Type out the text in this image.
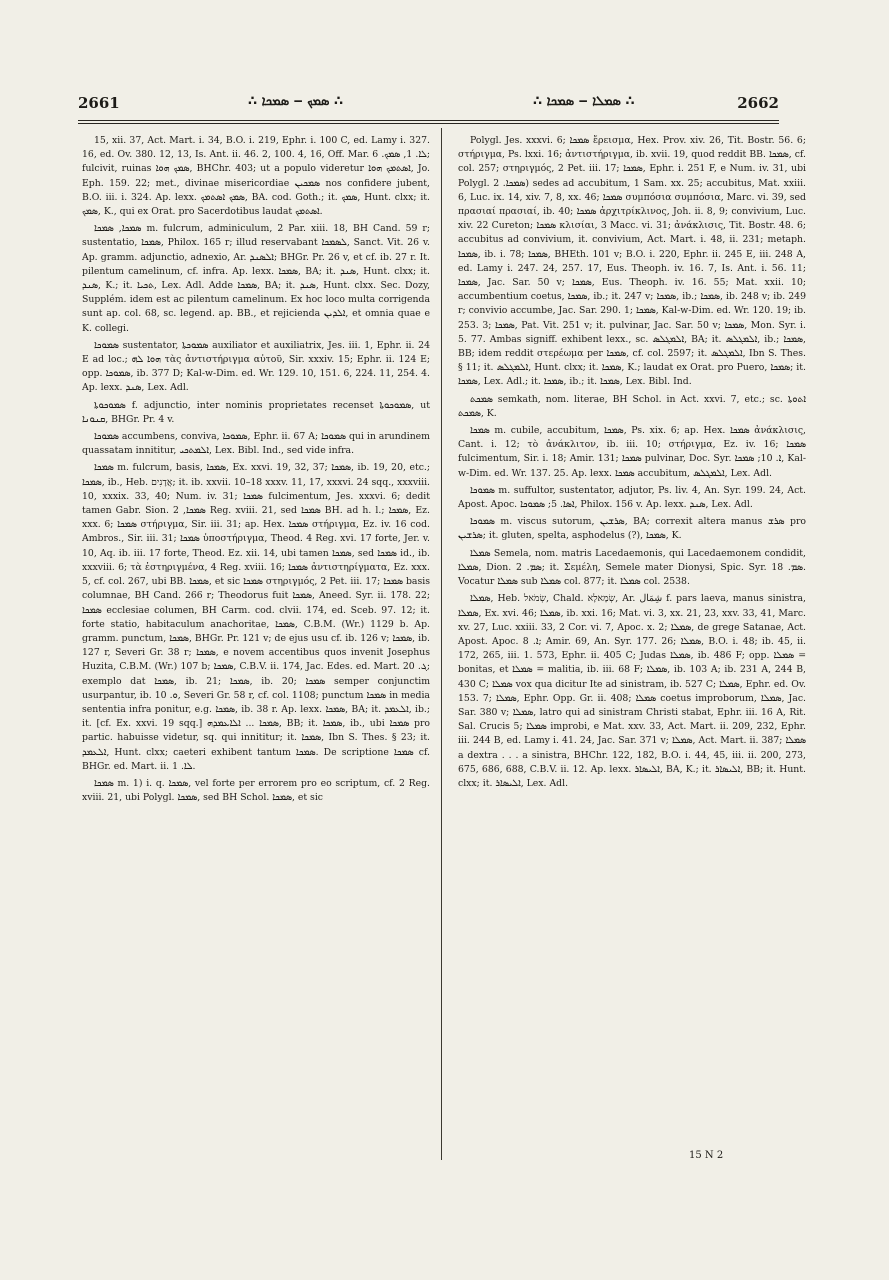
2661	∴ ܣܡܟ ‒ ܣܡܟܐ ∴	∴ ܣܡܠܐ ‒ ܣܡܟܐ ∴	2662

15, xii. 37, Act. Mart. i. 34, B.O. i. 219, Ephr. i. 100 C, ed. Lamy i. 327. 16, ed. Ov. 380. 12, 13, Is. Ant. ii. 46. 2, 100. 4, 16, Off. Mar. ܠܐ. 1, ܣܡܟ. 6; fulcivit, ruinas ܣܡܟ ܗܘܐ, BHChr. 403; ut a populo videretur ܐܣܬܡܟ ܗܘܐ, Jo. Eph. 159. 22; met., divinae misericordiae ܣܡܟܝܢ nos confidere jubent, B.O. iii. i. 324. Ap. lexx. ܣܡܟ ܐܣܬܡܟ, BA. cod. Goth.; it. ܣܡܟ, Hunt. clxx; it. ܣܡܟ, K., qui ex Orat. pro Sacerdotibus laudat ܐܣܬܡܟ.

ܣܡܟܐ, ܣܡܟܐ m. fulcrum, adminiculum, 2 Par. xiii. 18, BH Cand. 59 r; sustentatio, ܣܡܟܐ, Philox. 165 r; illud reservabant ܠܣܡܟܐ, Sanct. Vit. 26 v. Ap. gramm. adjunctio, adnexio, Ar. ܐܠܣܢܕ; BHGr. Pr. 26 v, et cf. ib. 27 r. It. pilentum camelinum, cf. infra. Ap. lexx. ܣܡܟܐ, BA; it. ܣܢܕ, Hunt. clxx; it. ܣܢܕ, K.; it. ܬܟܝܐ, Lex. Adl. Adde ܣܡܟܐ, BA; it. ܣܢܕ, Hunt. clxx. Sec. Dozy, Supplém. idem est ac pilentum camelinum. Ex hoc loco multa corrigenda sunt ap. col. 68, sc. legend. ap. BB., et rejicienda ܐܠܕܝܢ, et omnia quae e K. collegi.

ܣܡܘܟܐ sustentator, ܣܡܘܟܬܐ auxiliator et auxiliatrix, Jes. iii. 1, Ephr. ii. 24 E ad loc.; ܗܘܐ ܠܗ τὰς ἀντιστήριγμα αὐτοῦ, Sir. xxxiv. 15; Ephr. ii. 124 E; opp. ܣܡܘܟܐ, ib. 377 D; Kal-w-Dim. ed. Wr. 129. 10, 151. 6, 224. 11, 254. 4. Ap. lexx. ܣܢܕ, Lex. Adl.

ܣܡܘܟܘܬܐ f. adjunctio, inter nominis proprietates recenset ܣܡܘܟܘܬܐ, ut ܩܢܘܢܐ, BHGr. Pr. 4 v.

ܣܡܘܟܐ accumbens, conviva, ܣܡܘܟܐ, Ephr. ii. 67 A; ܣܡܘܟܐ qui in arundinem quassatam innititur, ܐܠܡܬܟܝ, Lex. Bibl. Ind., sed vide infra.

ܣܡܟܐ m. fulcrum, basis, ܣܡܟܐ, Ex. xxvi. 19, 32, 37; ܣܡܟܐ, ib. 19, 20, etc.; ܣܡܟܐ, ib., Heb. אֲדָנִים; it. ib. xxvii. 10–18 xxxv. 11, 17, xxxvi. 24 sqq., xxxviii. 10, xxxix. 33, 40; Num. iv. 31; ܣܡܟܐ fulcimentum, Jes. xxxvi. 6; dedit tamen Gabr. Sion. ܣܡܟܐ, 2 Reg. xviii. 21, sed ܣܡܟܐ BH. ad h. l.; ܣܡܟܐ, Ez. xxx. 6; ܣܡܟܐ στήριγμα, Sir. iii. 31; ap. Hex. ܣܡܟܐ στήριγμα, Ez. iv. 16 cod. Ambros., Sir. iii. 31; ܣܡܟܐ ὑποστήριγμα, Theod. 4 Reg. xvi. 17 forte, Jer. v. 10, Aq. ib. iii. 17 forte, Theod. Ez. xii. 14, ubi tamen ܣܡܟܐ, sed ܣܡܟܐ id., ib. xxxviii. 6; τὰ ἐστηριγμένα, 4 Reg. xviii. 16; ܣܡܟܐ ἀντιστηρίγματα, Ez. xxx. 5, cf. col. 267, ubi BB. ܣܡܟܐ, et sic ܣܡܟܐ στηριγμός, 2 Pet. iii. 17; ܣܡܟܐ basis columnae, BH Cand. 266 r; Theodorus fuit ܣܡܟܐ, Aneed. Syr. ii. 178. 22; ܣܡܟܐ ecclesiae columen, BH Carm. cod. clvii. 174, ed. Sceb. 97. 12; it. forte statio, habitaculum anachoritae, ܣܡܟܐ, C.B.M. (Wr.) 1129 b. Ap. gramm. punctum, ܣܡܟܐ, BHGr. Pr. 121 v; de ejus usu cf. ib. 126 v; ܣܡܟܐ, ib. 127 r, Severi Gr. 38 r; ܣܡܟܐ, e novem accentibus quos invenit Josephus Huzita, C.B.M. (Wr.) 107 b; ܣܡܟܐ, C.B.V. ii. 174, Jac. Edes. ed. Mart. ܓ. 20; exemplo dat ܣܡܟܐ, ib. 21; ܣܡܟܐ, ib. 20; ܣܡܟܐ semper conjunctim usurpantur, ib. ܘ. 10, Severi Gr. 58 r, cf. col. 1108; punctum ܣܡܟܐ in media sententia infra ponitur, e.g. ܣܡܟܐ, ib. 38 r. Ap. lexx. ܣܡܟܐ, BA; it. ܐܠܥܡܕ, ib.; it. [cf. Ex. xxvi. 19 sqq.] ܣܡܟܐ ... ܐܠܐܥܡܕܗ, BB; it. ܣܡܟܐ, ib., ubi ܣܡܟܐ pro partic. habuisse videtur, sq. qui innititur; it. ܣܡܟܐ, Ibn S. Thes. § 23; it. ܐܠܥܡܕ, Hunt. clxx; caeteri exhibent tantum ܣܡܟܐ. De scriptione ܣܡܟܐ cf. BHGr. ed. Mart. ii. ܠܐ. 1.

ܣܡܟܐ m. 1) i. q. ܣܡܟܐ, vel forte per errorem pro eo scriptum, cf. 2 Reg. xviii. 21, ubi Polygl. ܣܡܟܐ, sed BH Schol. ܣܡܟܐ, et sic

Polygl. Jes. xxxvi. 6; ܣܡܟܐ ἔρεισμα, Hex. Prov. xiv. 26, Tit. Bostr. 56. 6; στήριγμα, Ps. lxxi. 16; ἀντιστήριγμα, ib. xvii. 19, quod reddit BB. ܣܡܟܐ, cf. col. 257; στηριγμός, 2 Pet. iii. 17; ܣܡܟܐ, Ephr. i. 251 F, e Num. iv. 31, ubi Polygl. ܣܡܟܐ. 2) sedes ad accubitum, 1 Sam. xx. 25; accubitus, Mat. xxiii. 6, Luc. ix. 14, xiv. 7, 8, xx. 46; ܣܡܟܐ συμπόσια συμπόσια, Marc. vi. 39, sed πρασιαί πρασιαί, ib. 40; ܣܡܟܐ ἀρχιτρίκλινος, Joh. ii. 8, 9; convivium, Luc. xiv. 22 Cureton; ܣܡܟܐ κλισίαι, 3 Macc. vi. 31; ἀνάκλισις, Tit. Bostr. 48. 6; accubitus ad convivium, it. convivium, Act. Mart. i. 48, ii. 231; metaph. ܣܡܟܐ, ib. i. 78; ܣܡܟܐ, BHEth. 101 v; B.O. i. 220, Ephr. ii. 245 E, iii. 248 A, ed. Lamy i. 247. 24, 257. 17, Eus. Theoph. iv. 16. 7, Is. Ant. i. 56. 11; ܣܡܟܐ, Jac. Sar. 50 v; ܣܡܟܐ, Eus. Theoph. iv. 16. 55; Mat. xxii. 10; accumbentium coetus, ܣܡܟܐ, ib.; it. 247 v; ܣܡܟܐ, ib.; ܣܡܟܐ, ib. 248 v; ib. 249 r; convivio accumbe, Jac. Sar. 290. 1; ܣܡܟܐ, Kal-w-Dim. ed. Wr. 120. 19; ib. 253. 3; ܣܡܟܐ, Pat. Vit. 251 v; it. pulvinar, Jac. Sar. 50 v; ܣܡܟܐ, Mon. Syr. i. 5. 77. Ambas signiff. exhibent lexx., sc. ܐܠܡܓܠܣ, BA; it. ܐܠܡܓܠܣ, ib.; ܣܡܟܐ, BB; idem reddit στερέωμα per ܣܡܟܐ, cf. col. 2597; it. ܐܠܡܓܠܣ, Ibn S. Thes. § 11; it. ܐܠܡܓܠܣ, Hunt. clxx; it. ܣܡܟܐ, K.; laudat ex Orat. pro Puero, ܣܡܟܐ; it. ܣܡܟܐ, Lex. Adl.; it. ܣܡܟܐ, ib.; it. ܣܡܟܐ, Lex. Bibl. Ind.

ܣܡܟܬ semkath, nom. literae, BH Schol. in Act. xxvi. 7, etc.; sc. ܐܬܘܬܐ ܣܡܟܬ, K.

ܣܡܟܐ m. cubile, accubitum, ܣܡܟܐ, Ps. xix. 6; ap. Hex. ܣܡܟܐ ἀνάκλισις, Cant. i. 12; τὸ ἀνάκλιτον, ib. iii. 10; στήριγμα, Ez. iv. 16; ܣܡܟܐ fulcimentum, Sir. i. 18; Amir. 131; ܣܡܟܐ pulvinar, Doc. Syr. ܐ. 10; ܣܡܟܐ, Kal-w-Dim. ed. Wr. 137. 25. Ap. lexx. ܣܡܟܐ accubitum, ܐܠܡܓܠܣ, Lex. Adl.

ܣܡܘܟܐ m. suffultor, sustentator, adjutor, Ps. liv. 4, An. Syr. 199. 24, Act. Apost. Apoc. ܐܣܐ. 5; ܣܡܘܟܐ, Philox. 156 v. Ap. lexx. ܣܢܕ, Lex. Adl.

ܣܡܘܟܐ m. viscus sutorum, ܣܪܫܝܢ, BA; correxit altera manus ܣܪܫ pro ܣܪܫܝܢ; it. gluten, spelta, asphodelus (?), ܣܡܟܐ, K.

ܣܡܠܐ Semela, nom. matris Lacedaemonis, qui Lacedaemonem condidit, ܣܡܠܐ, Dion. ܣܡ. 2; it. Σεμέλη, Semele mater Dionysi, Spic. Syr. ܣܡ. 18. Vocatur ܣܡܠܐ sub ܣܡܠܐ col. 877; it. ܣܡܠܐ col. 2538.

ܣܡܠܐ, Heb. שְׂמֹאל, Chald. שְׂמָאלָא, Ar. شِمَال f. pars laeva, manus sinistra, ܣܡܠܐ, Ex. xvi. 46; ܣܡܠܐ, ib. xxi. 16; Mat. vi. 3, xx. 21, 23, xxv. 33, 41, Marc. xv. 27, Luc. xxiii. 33, 2 Cor. vi. 7, Apoc. x. 2; ܣܡܠܐ, de grege Satanae, Act. Apost. Apoc. ܐ. 8; Amir. 69, An. Syr. 177. 26; ܣܡܠܐ, B.O. i. 48; ib. 45, ii. 172, 265, iii. 1. 573, Ephr. ii. 405 C; Judas ܣܡܠܐ, ib. 486 F; opp. ܣܡܠܐ = bonitas, et ܣܡܠܐ = malitia, ib. iii. 68 F; ܣܡܠܐ, ib. 103 A; ib. 231 A, 244 B, 430 C; ܣܡܠܐ vox qua dicitur Ite ad sinistram, ib. 527 C; ܣܡܠܐ, Ephr. ed. Ov. 153. 7; ܣܡܠܐ, Ephr. Opp. Gr. ii. 408; ܣܡܠܐ coetus improborum, ܣܡܠܐ, Jac. Sar. 380 v; ܣܡܠܐ, latro qui ad sinistram Christi stabat, Ephr. iii. 16 A, Rit. Sal. Crucis 5; ܣܡܠܐ improbi, e Mat. xxv. 33, Act. Mart. ii. 209, 232, Ephr. iii. 244 B, ed. Lamy i. 41. 24, Jac. Sar. 371 v; ܣܡܠܐ, Act. Mart. ii. 387; ܣܡܠܐ a dextra . . . a sinistra, BHChr. 122, 182, B.O. i. 44, 45, iii. ii. 200, 273, 675, 686, 688, C.B.V. ii. 12. Ap. lexx. ܐܠܝܣܐܪ, BA, K.; it. ܐܠܝܣܐܪ, BB; it. Hunt. clxx; it. ܐܠܝܣܐܪ, Lex. Adl.

15 N 2
